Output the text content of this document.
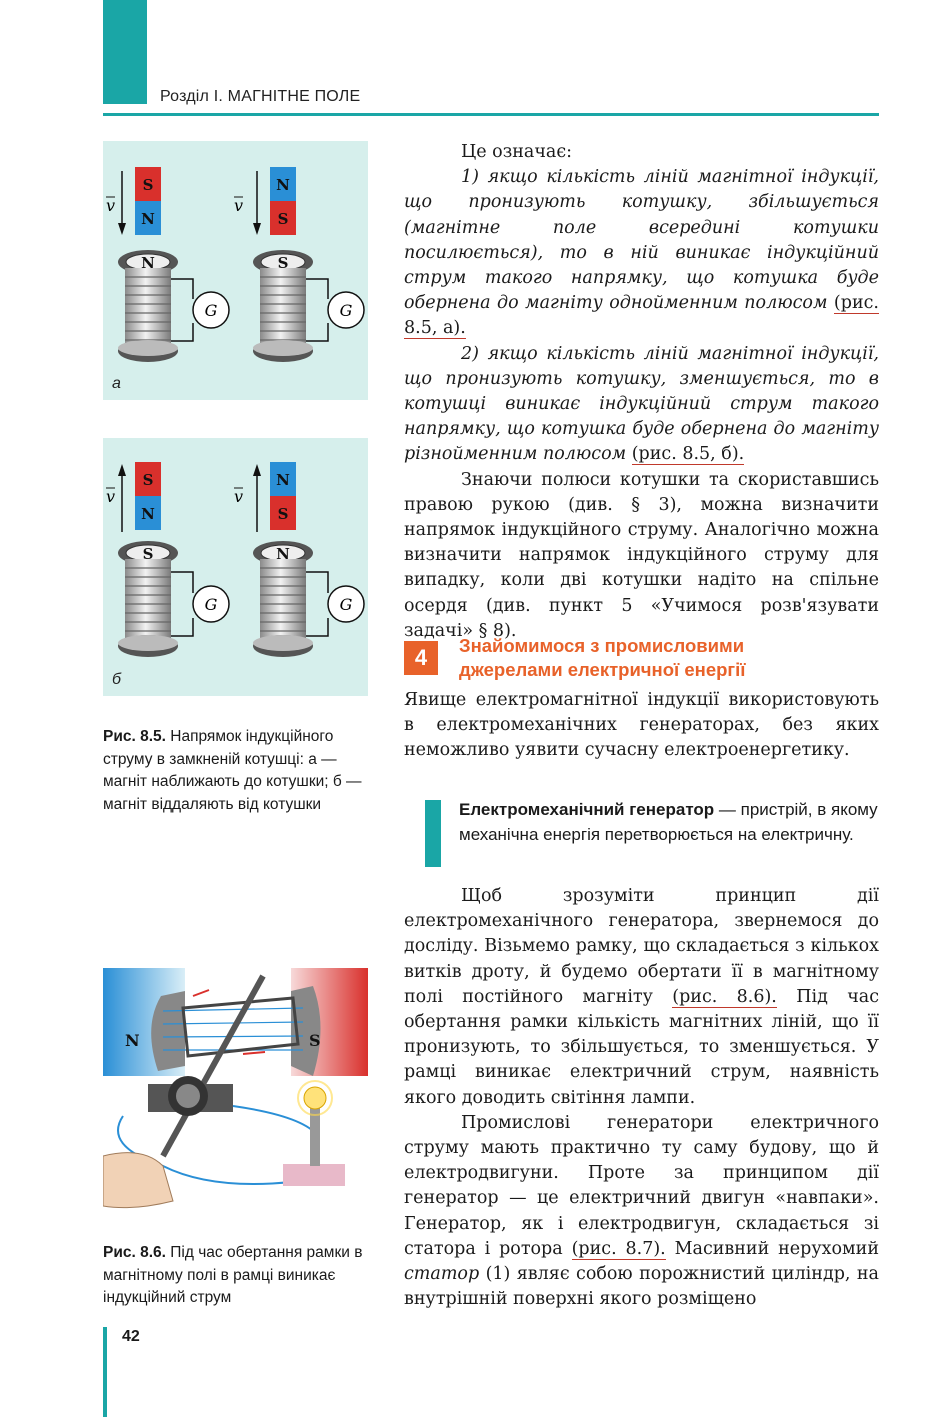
Розділ І. МАГНІТНЕ ПОЛЕ
v
S
N
N
G
v
N
S
S
G
а
v
S
N
S
G
v
N
S
N
G
б
Рис. 8.5. Напрямок індукційного струму в замкненій котушці: а — магніт наближають до котушки; б — магніт віддаляють від котушки
N	S
Рис. 8.6. Під час обертання рамки в магнітному полі в рамці виникає індукційний струм

Це означає:

1) якщо кількість ліній магнітної індукції, що пронизують котушку, збільшується (магнітне поле всередині котушки посилюється), то в ній виникає індукційний струм такого напрямку, що котушка буде обернена до магніту однойменним полюсом (рис. 8.5, а).

2) якщо кількість ліній магнітної індукції, що пронизують котушку, зменшується, то в котушці виникає індукційний струм такого напрямку, що котушка буде обернена до магніту різнойменним полюсом (рис. 8.5, б).

Знаючи полюси котушки та скориставшись правою рукою (див. § 3), можна визначити напрямок індукційного струму. Аналогічно можна визначити напрямок індукційного струму для випадку, коли дві котушки надіто на спільне осердя (див. пункт 5 «Учимося розв'язувати задачі» § 8).

4	Знайомимося з промисловими
джерелами електричної енергії

Явище електромагнітної індукції використовують в електромеханічних генераторах, без яких неможливо уявити сучасну електроенергетику.

Електромеханічний генератор — пристрій, в якому механічна енергія перетворюється на електричну.

Щоб зрозуміти принцип дії електромеханічного генератора, звернемося до досліду. Візьмемо рамку, що складається з кількох витків дроту, й будемо обертати її в магнітному полі постійного магніту (рис. 8.6). Під час обертання рамки кількість магнітних ліній, що її пронизують, то збільшується, то зменшується. У рамці виникає електричний струм, наявність якого доводить світіння лампи.

Промислові генератори електричного струму мають практично ту саму будову, що й електродвигуни. Проте за принципом дії генератор — це електричний двигун «навпаки». Генератор, як і електродвигун, складається зі статора і ротора (рис. 8.7). Масивний нерухомий статор (1) являє собою порожнистий циліндр, на внутрішній поверхні якого розміщено

42
